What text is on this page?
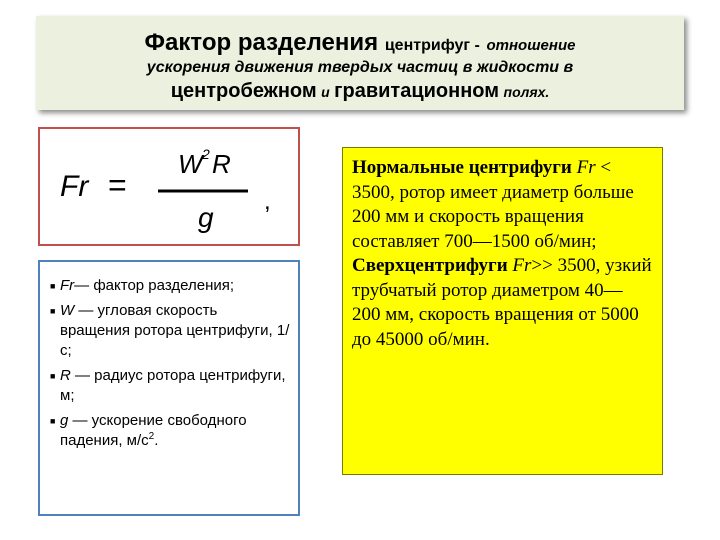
Фактор разделения центрифуг - отношение
ускорения движения твердых частиц в жидкости в
центробежном и гравитационном полях.
Fr =
W 2 R
g
,
■ Fr— фактор разделения;
■ W — угловая скорость вращения ротора центрифуги, 1/с;
■ R — радиус ротора центрифуги, м;
■ g — ускорение свободного падения, $м/с^2$.
Нормальные центрифуги Fr < 3500, ротор имеет диаметр больше 200 мм и скорость вращения составляет 700—1500 об/мин; Сверхцентрифуги Fr>> 3500, узкий трубчатый ротор диаметром 40— 200 мм, скорость вращения от 5000 до 45000 об/мин.
